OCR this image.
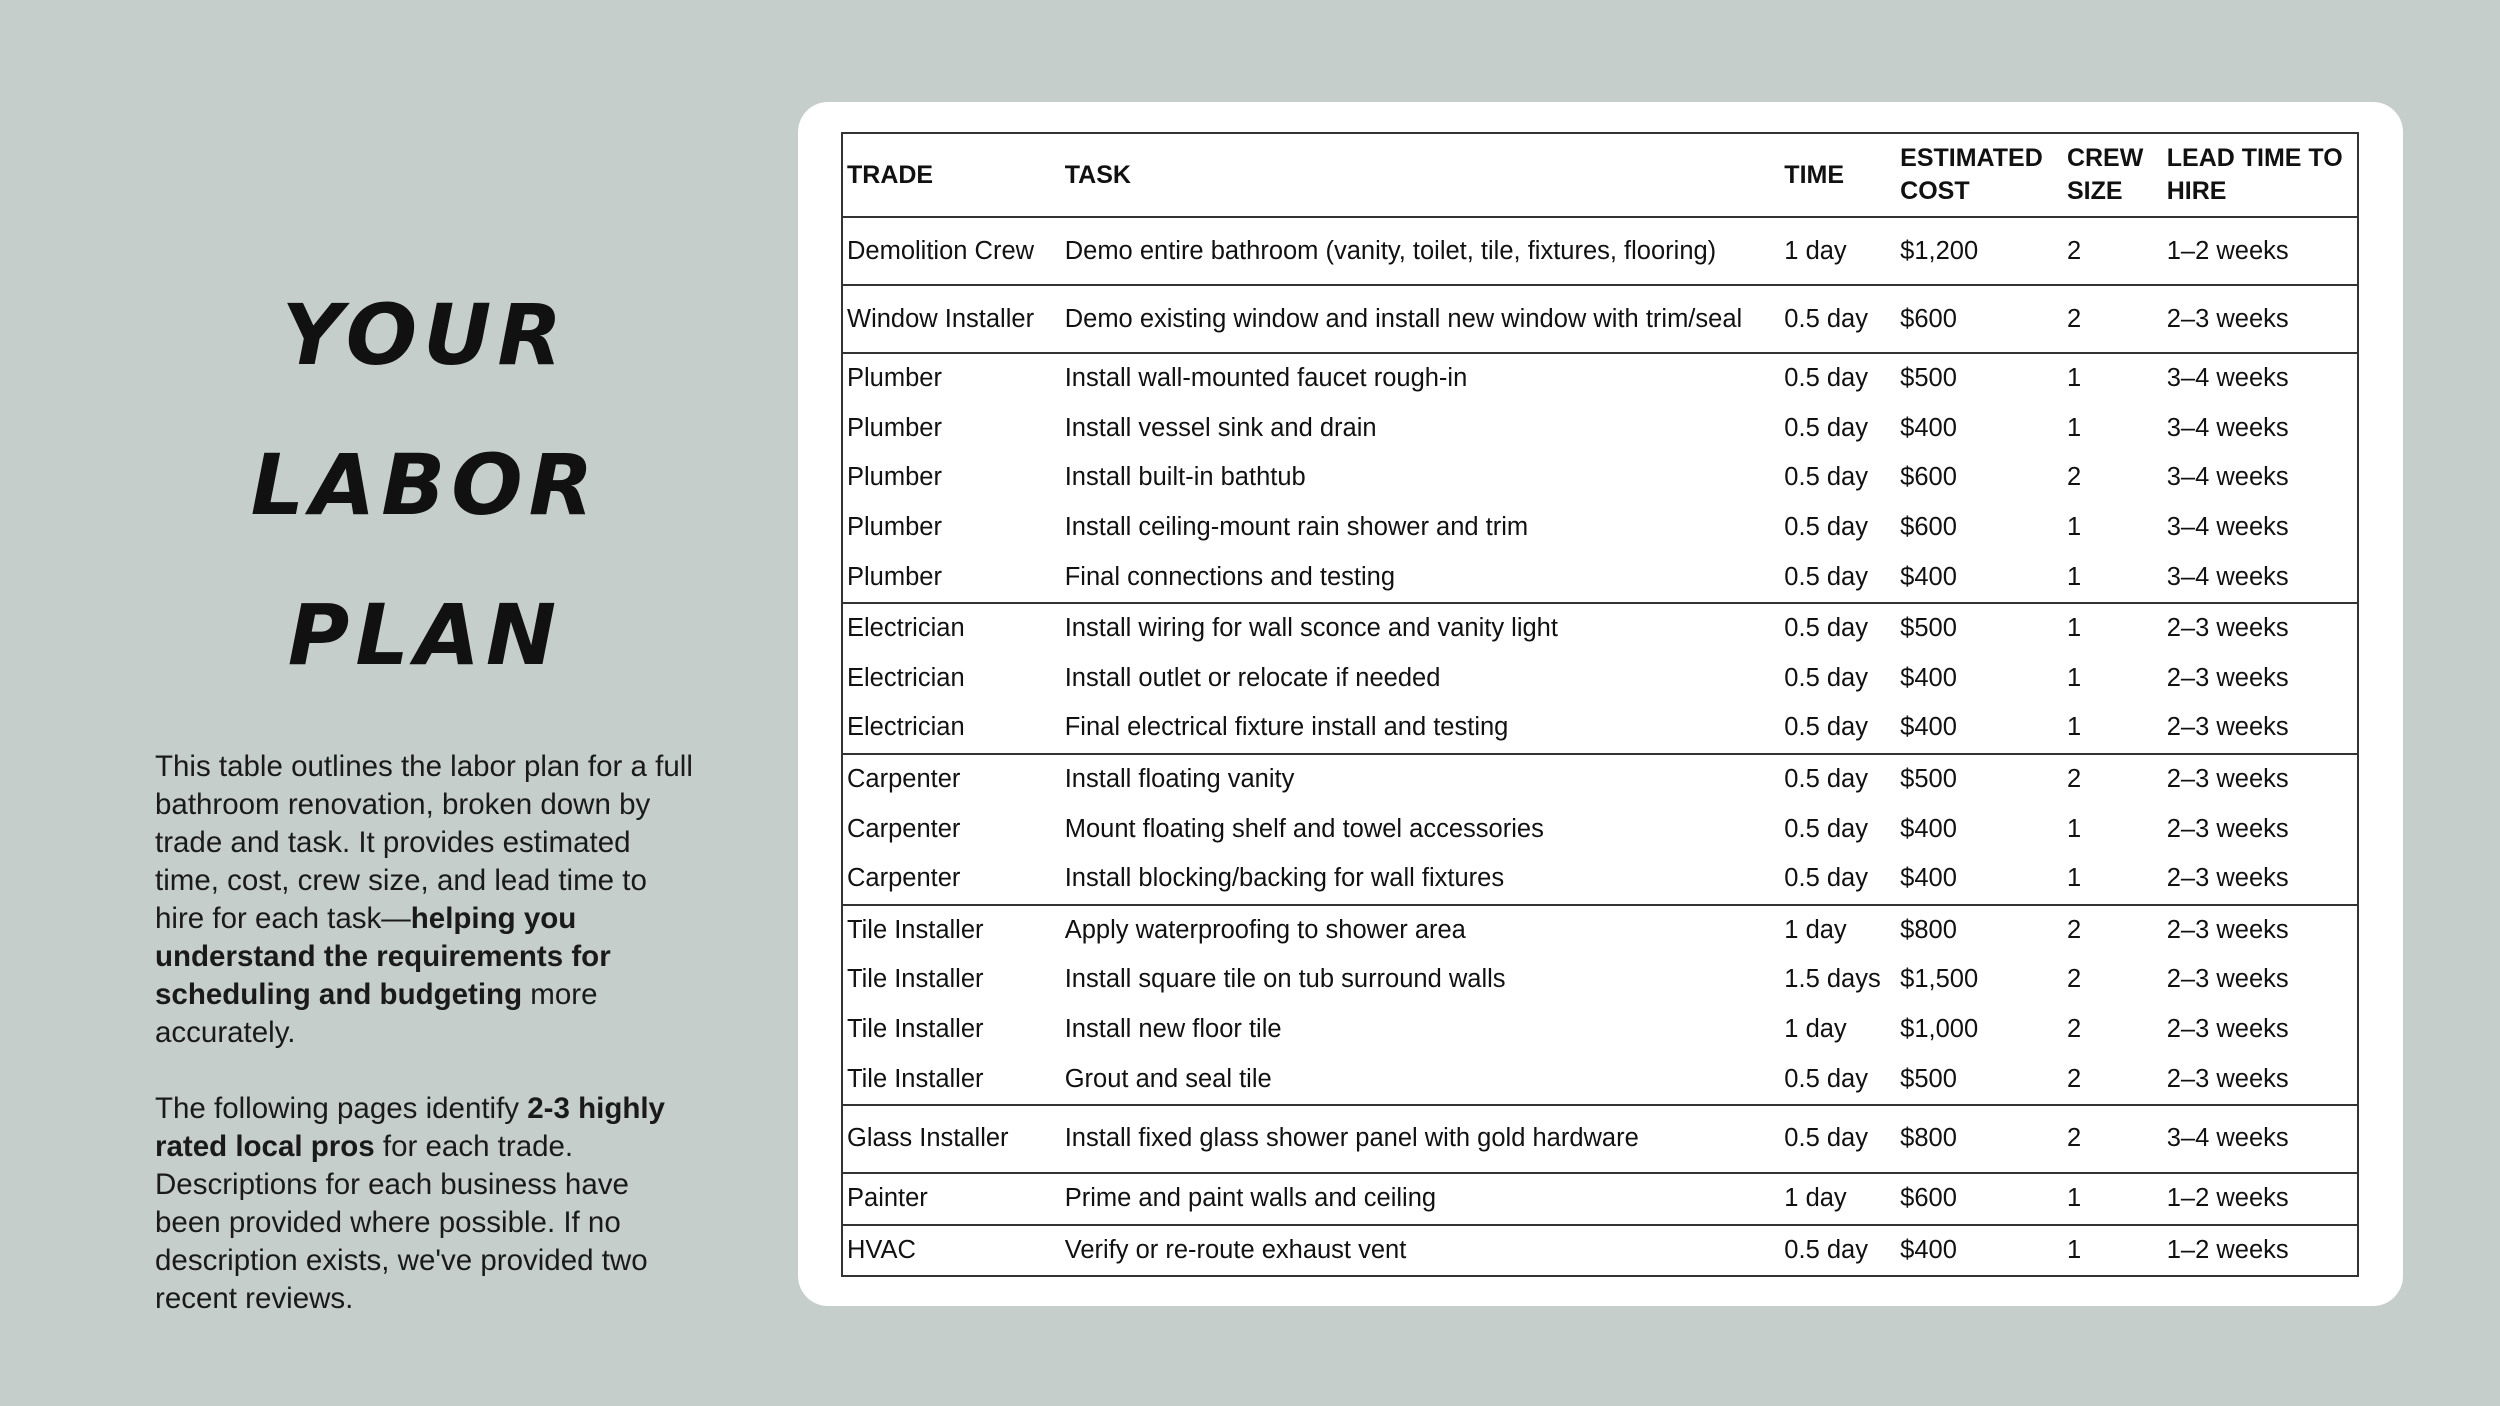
YOUR LABOR
PLAN

This table outlines the labor plan for a full bathroom renovation, broken down by trade and task. It provides estimated time, cost, crew size, and lead time to hire for each task—helping you understand the requirements for scheduling and budgeting more accurately.

The following pages identify 2-3 highly rated local pros for each trade. Descriptions for each business have been provided where possible. If no description exists, we've provided two recent reviews.

TRADE	TASK	TIME	ESTIMATED COST	CREW SIZE	LEAD TIME TO HIRE
Demolition Crew	Demo entire bathroom (vanity, toilet, tile, fixtures, flooring)	1 day	$1,200	2	1–2 weeks
Window Installer	Demo existing window and install new window with trim/seal	0.5 day	$600	2	2–3 weeks
Plumber	Install wall-mounted faucet rough-in	0.5 day	$500	1	3–4 weeks
Plumber	Install vessel sink and drain	0.5 day	$400	1	3–4 weeks
Plumber	Install built-in bathtub	0.5 day	$600	2	3–4 weeks
Plumber	Install ceiling-mount rain shower and trim	0.5 day	$600	1	3–4 weeks
Plumber	Final connections and testing	0.5 day	$400	1	3–4 weeks
Electrician	Install wiring for wall sconce and vanity light	0.5 day	$500	1	2–3 weeks
Electrician	Install outlet or relocate if needed	0.5 day	$400	1	2–3 weeks
Electrician	Final electrical fixture install and testing	0.5 day	$400	1	2–3 weeks
Carpenter	Install floating vanity	0.5 day	$500	2	2–3 weeks
Carpenter	Mount floating shelf and towel accessories	0.5 day	$400	1	2–3 weeks
Carpenter	Install blocking/backing for wall fixtures	0.5 day	$400	1	2–3 weeks
Tile Installer	Apply waterproofing to shower area	1 day	$800	2	2–3 weeks
Tile Installer	Install square tile on tub surround walls	1.5 days	$1,500	2	2–3 weeks
Tile Installer	Install new floor tile	1 day	$1,000	2	2–3 weeks
Tile Installer	Grout and seal tile	0.5 day	$500	2	2–3 weeks
Glass Installer	Install fixed glass shower panel with gold hardware	0.5 day	$800	2	3–4 weeks
Painter	Prime and paint walls and ceiling	1 day	$600	1	1–2 weeks
HVAC	Verify or re-route exhaust vent	0.5 day	$400	1	1–2 weeks
